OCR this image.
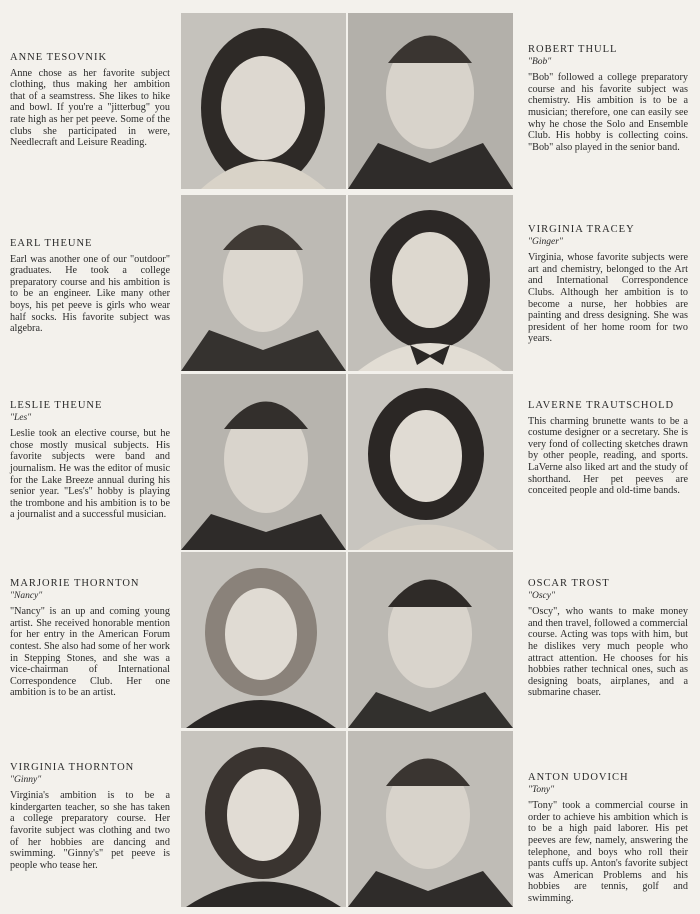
ANNE TESOVNIK
Anne chose as her favorite subject clothing, thus making her ambition that of a seamstress. She likes to hike and bowl. If you're a "jitterbug" you rate high as her pet peeve. Some of the clubs she participated in were, Needlecraft and Leisure Reading.
ROBERT THULL
"Bob"
"Bob" followed a college preparatory course and his favorite subject was chemistry. His ambition is to be a musician; therefore, one can easily see why he chose the Solo and Ensemble Club. His hobby is collecting coins. "Bob" also played in the senior band.
EARL THEUNE
Earl was another one of our "outdoor" graduates. He took a college preparatory course and his ambition is to be an engineer. Like many other boys, his pet peeve is girls who wear half socks. His favorite subject was algebra.
VIRGINIA TRACEY
"Ginger"
Virginia, whose favorite subjects were art and chemistry, belonged to the Art and International Correspondence Clubs. Although her ambition is to become a nurse, her hobbies are painting and dress designing. She was president of her home room for two years.
LESLIE THEUNE
"Les"
Leslie took an elective course, but he chose mostly musical subjects. His favorite subjects were band and journalism. He was the editor of music for the Lake Breeze annual during his senior year. "Les's" hobby is playing the trombone and his ambition is to be a journalist and a successful musician.
LAVERNE TRAUTSCHOLD
This charming brunette wants to be a costume designer or a secretary. She is very fond of collecting sketches drawn by other people, reading, and sports. LaVerne also liked art and the study of shorthand. Her pet peeves are conceited people and old-time bands.
MARJORIE THORNTON
"Nancy"
"Nancy" is an up and coming young artist. She received honorable mention for her entry in the American Forum contest. She also had some of her work in Stepping Stones, and she was a vice-chairman of International Correspondence Club. Her one ambition is to be an artist.
OSCAR TROST
"Oscy"
"Oscy", who wants to make money and then travel, followed a commercial course. Acting was tops with him, but he dislikes very much people who attract attention. He chooses for his hobbies rather technical ones, such as designing boats, airplanes, and a submarine chaser.
VIRGINIA THORNTON
"Ginny"
Virginia's ambition is to be a kindergarten teacher, so she has taken a college preparatory course. Her favorite subject was clothing and two of her hobbies are dancing and swimming. "Ginny's" pet peeve is people who tease her.
ANTON UDOVICH
"Tony"
"Tony" took a commercial course in order to achieve his ambition which is to be a high paid laborer. His pet peeves are few, namely, answering the telephone, and boys who roll their pants cuffs up. Anton's favorite subject was American Problems and his hobbies are tennis, golf and swimming.
